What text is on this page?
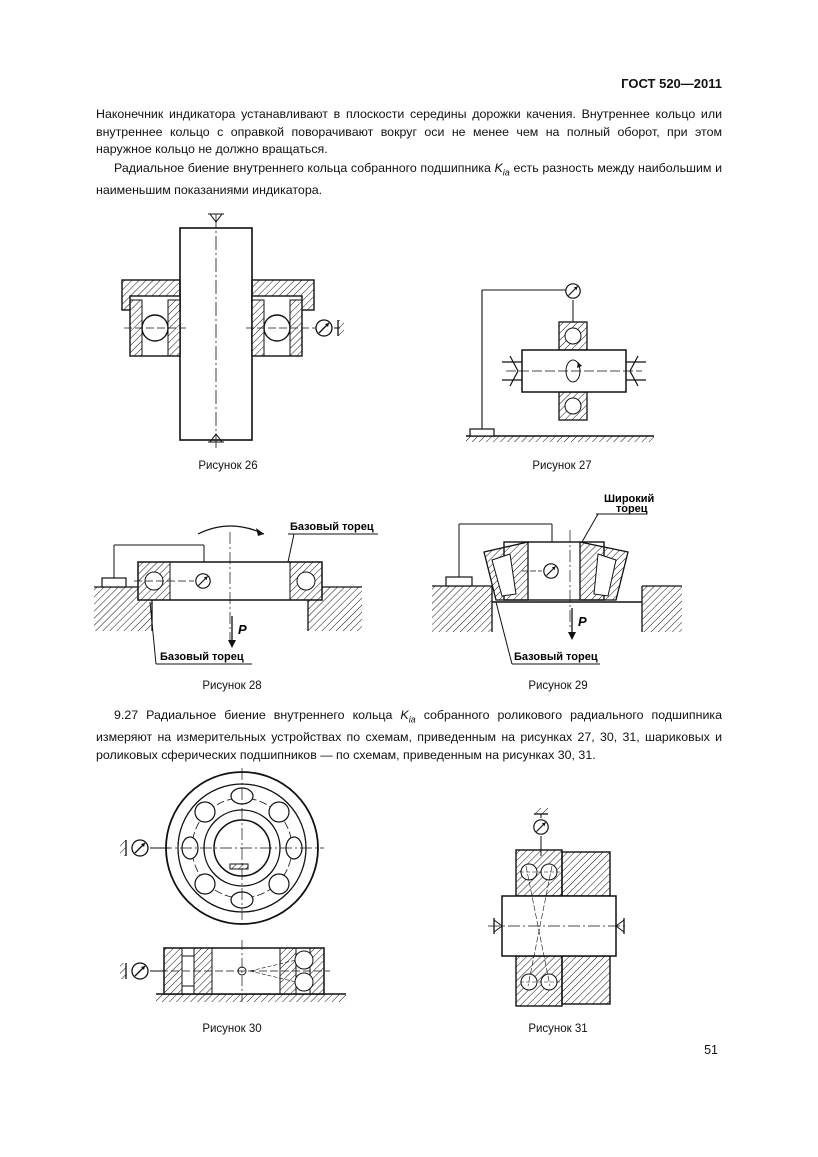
ГОСТ 520—2011

Наконечник индикатора устанавливают в плоскости середины дорожки качения. Внутреннее кольцо или внутреннее кольцо с оправкой поворачивают вокруг оси не менее чем на полный оборот, при этом наружное кольцо не должно вращаться.

Радиальное биение внутреннего кольца собранного подшипника $K_{ia}$ есть разность между наибольшим и наименьшим показаниями индикатора.

9.27 Радиальное биение внутреннего кольца $K_{ia}$ собранного роликового радиального подшипника измеряют на измерительных устройствах по схемам, приведенным на рисунках 27, 30, 31, шариковых и роликовых сферических подшипников — по схемам, приведенным на рисунках 30, 31.

Рисунок 26	Рисунок 27
P
Базовый торец
Базовый торец
Рисунок 28
P
Широкий
торец
Базовый торец
Рисунок 29
Рисунок 30	Рисунок 31
51
